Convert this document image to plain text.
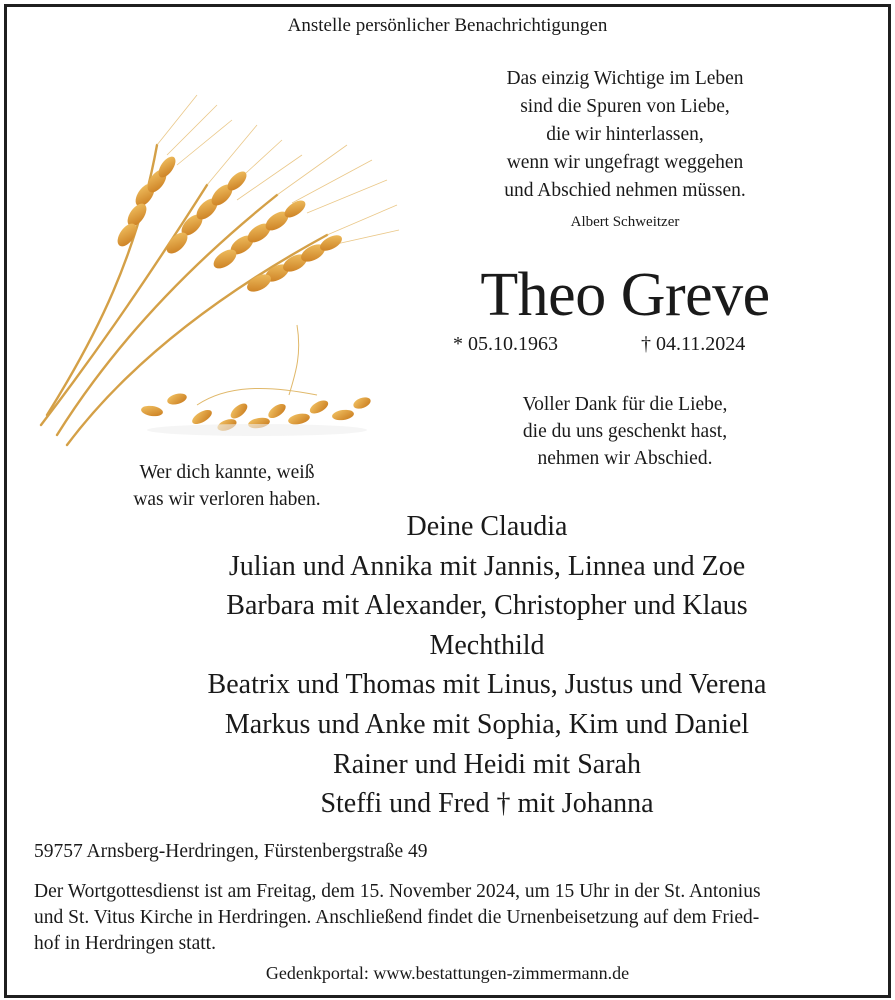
Anstelle persönlicher Benachrichtigungen
Das einzig Wichtige im Leben
sind die Spuren von Liebe,
die wir hinterlassen,
wenn wir ungefragt weggehen
und Abschied nehmen müssen.
Albert Schweitzer
Theo Greve
* 05.10.1963	† 04.11.2024
Voller Dank für die Liebe,
die du uns geschenkt hast,
nehmen wir Abschied.
Wer dich kannte, weiß
was wir verloren haben.
Deine Claudia
Julian und Annika mit Jannis, Linnea und Zoe
Barbara mit Alexander, Christopher und Klaus
Mechthild
Beatrix und Thomas mit Linus, Justus und Verena
Markus und Anke mit Sophia, Kim und Daniel
Rainer und Heidi mit Sarah
Steffi und Fred † mit Johanna
59757 Arnsberg-Herdringen, Fürstenbergstraße 49
Der Wortgottesdienst ist am Freitag, dem 15. November 2024, um 15 Uhr in der St. Antonius
und St. Vitus Kirche in Herdringen. Anschließend findet die Urnenbeisetzung auf dem Fried-
hof in Herdringen statt.
Gedenkportal: www.bestattungen-zimmermann.de
